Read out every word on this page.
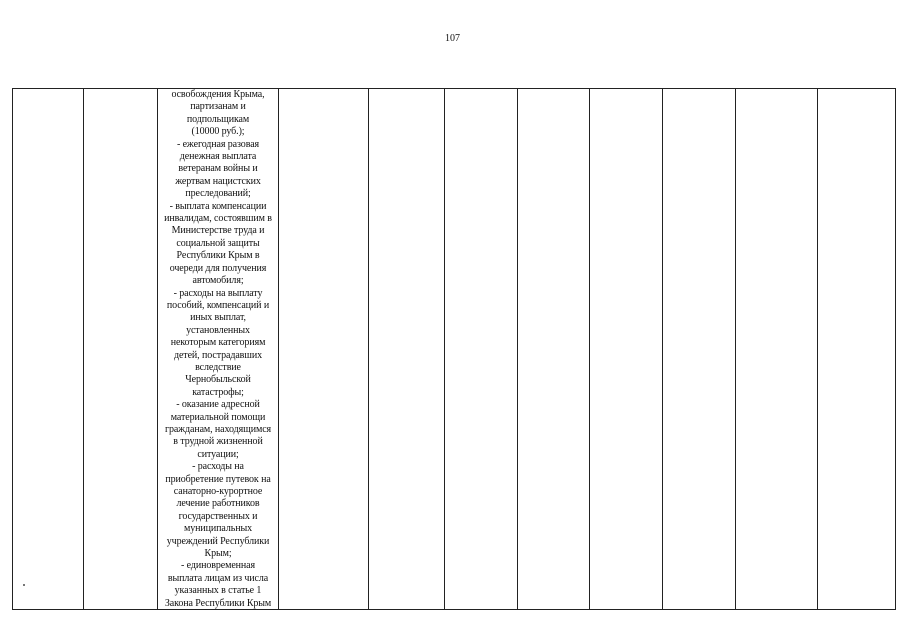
107
освобождения Крыма,
партизанам и
подпольщикам
(10000 руб.);
- ежегодная разовая
денежная выплата
ветеранам войны и
жертвам нацистских
преследований;
- выплата компенсации
инвалидам, состоявшим в
Министерстве труда и
социальной защиты
Республики Крым в
очереди для получения
автомобиля;
- расходы на выплату
пособий, компенсаций и
иных выплат,
установленных
некоторым категориям
детей, пострадавших
вследствие
Чернобыльской
катастрофы;
- оказание адресной
материальной помощи
гражданам, находящимся
в трудной жизненной
ситуации;
- расходы на
приобретение путевок на
санаторно-курортное
лечение работников
государственных и
муниципальных
учреждений Республики
Крым;
- единовременная
выплата лицам из числа
указанных в статье 1
Закона Республики Крым
